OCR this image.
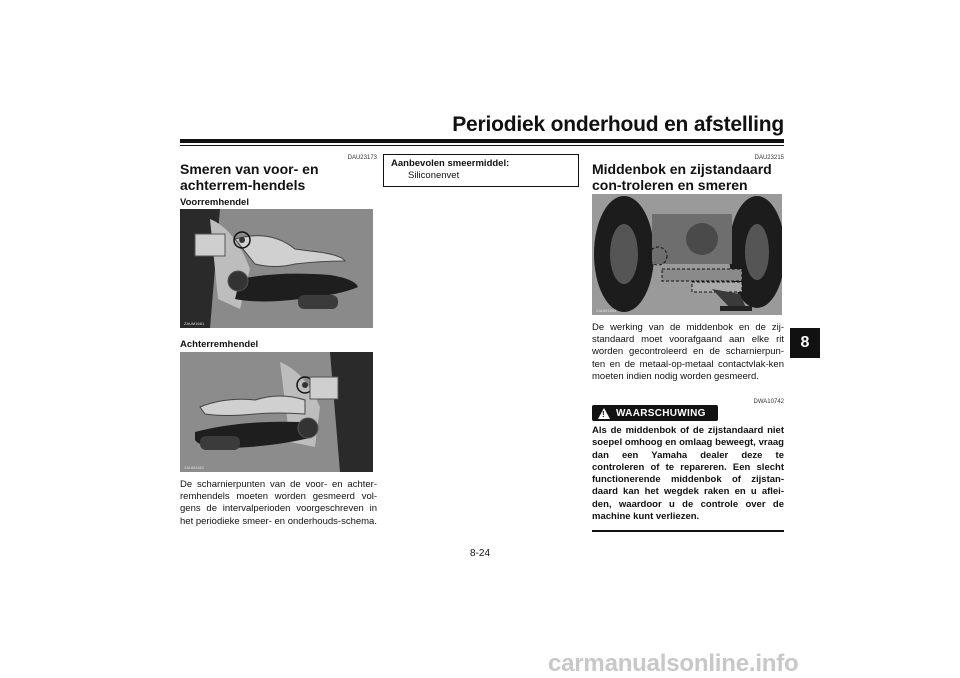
Periodiek onderhoud en afstelling
8
DAU23173
Smeren van voor- en achterrem-hendels
Voorremhendel
ZAUM1661
Achterremhendel
ZAUM1662
De scharnierpunten van de voor- en achter-remhendels moeten worden gesmeerd vol-gens de intervalperioden voorgeschreven in het periodieke smeer- en onderhouds-schema.
Aanbevolen smeermiddel:
Siliconenvet
DAU23215
Middenbok en zijstandaard con-troleren en smeren
ZAUM1663
De werking van de middenbok en de zij-standaard moet voorafgaand aan elke rit worden gecontroleerd en de scharnierpun-ten en de metaal-op-metaal contactvlak-ken moeten indien nodig worden gesmeerd.
DWA10742
! WAARSCHUWING
Als de middenbok of de zijstandaard niet soepel omhoog en omlaag beweegt, vraag dan een Yamaha dealer deze te controleren of te repareren. Een slecht functionerende middenbok of zijstan-daard kan het wegdek raken en u aflei-den, waardoor u de controle over de machine kunt verliezen.
8-24
carmanualsonline.info
